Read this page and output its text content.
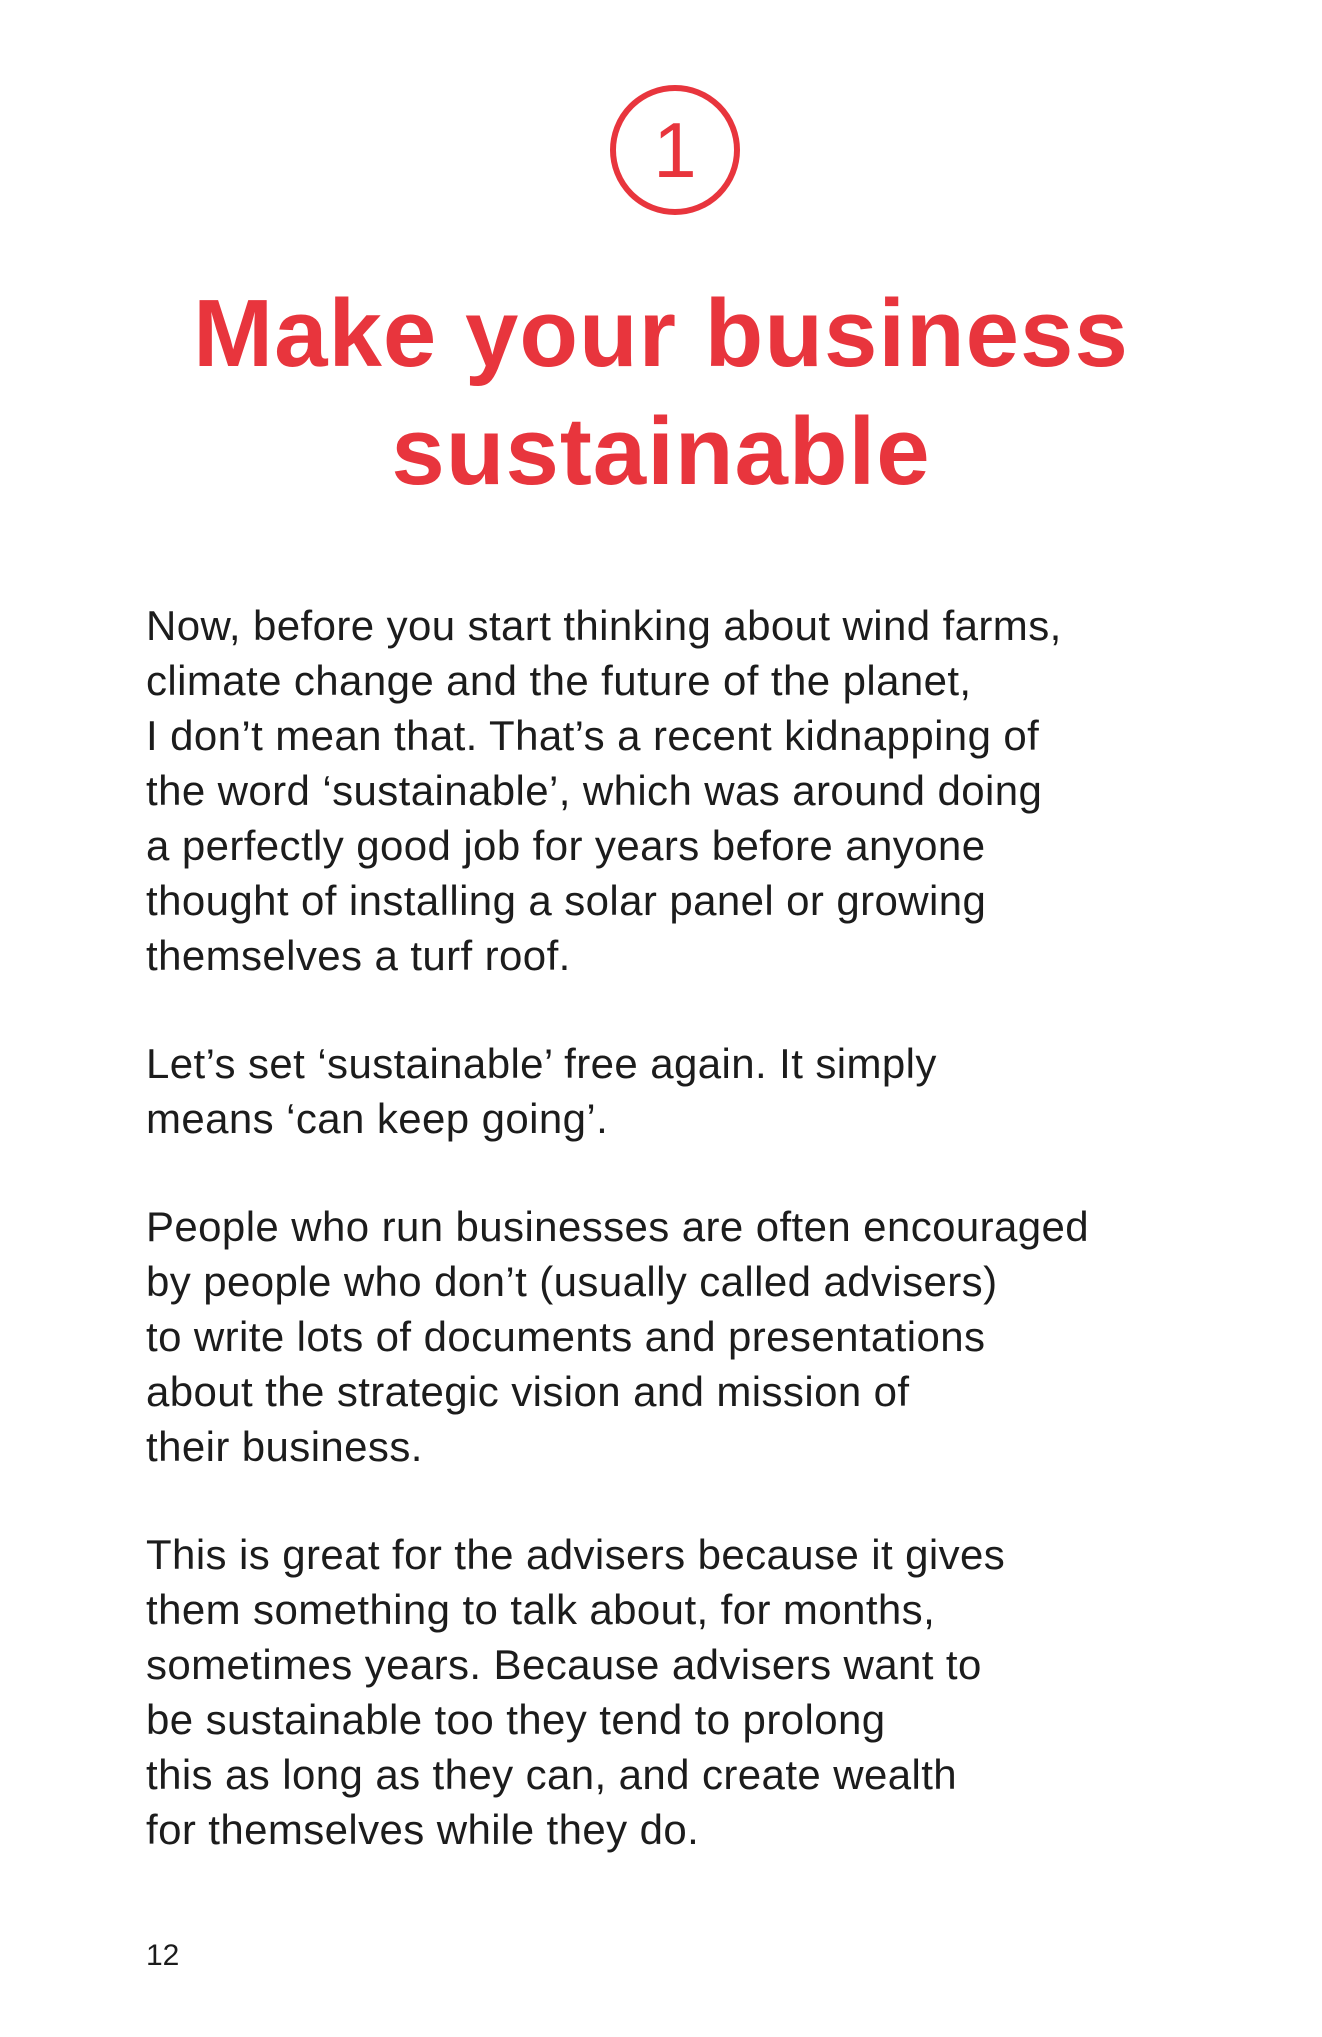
1
Make your business
sustainable

Now, before you start thinking about wind farms,
climate change and the future of the planet,
I don’t mean that. That’s a recent kidnapping of
the word ‘sustainable’, which was around doing
a perfectly good job for years before anyone
thought of installing a solar panel or growing
themselves a turf roof.

Let’s set ‘sustainable’ free again. It simply
means ‘can keep going’.

People who run businesses are often encouraged
by people who don’t (usually called advisers)
to write lots of documents and presentations
about the strategic vision and mission of
their business.

This is great for the advisers because it gives
them something to talk about, for months,
sometimes years. Because advisers want to
be sustainable too they tend to prolong
this as long as they can, and create wealth
for themselves while they do.

12
